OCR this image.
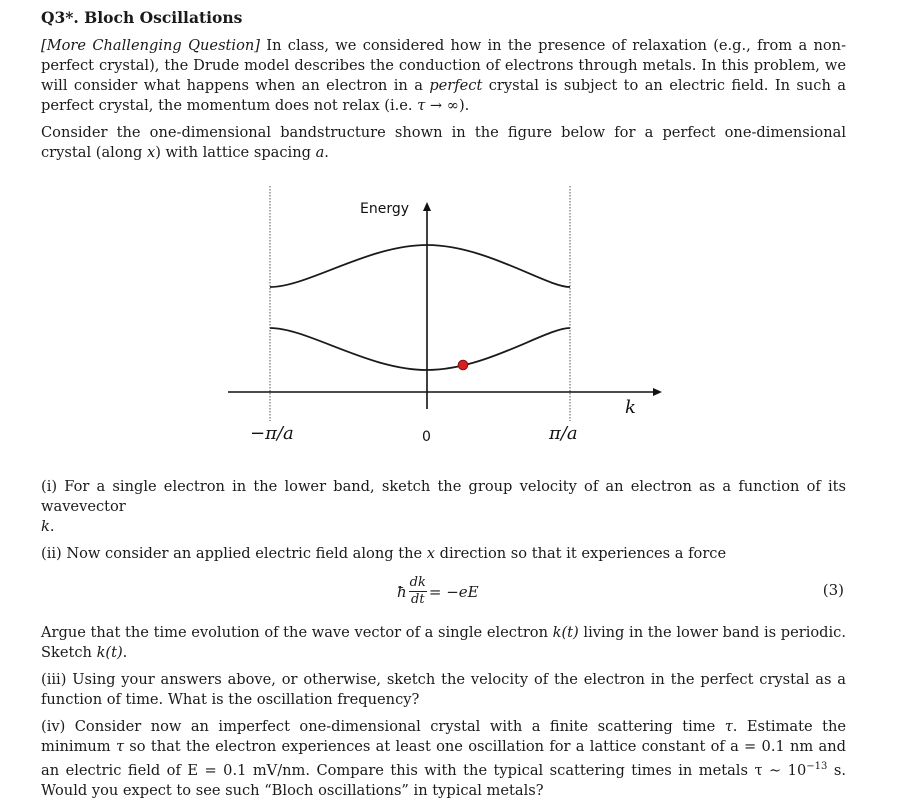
Q3*. Bloch Oscillations

[More Challenging Question] In class, we considered how in the presence of relaxation (e.g., from a non-perfect crystal), the Drude model describes the conduction of electrons through metals. In this problem, we will consider what happens when an electron in a perfect crystal is subject to an electric field. In such a perfect crystal, the momentum does not relax (i.e. τ → ∞).

Consider the one-dimensional bandstructure shown in the figure below for a perfect one-dimensional crystal (along x) with lattice spacing a.

Energy
k
−π/a	0	π/a

(i) For a single electron in the lower band, sketch the group velocity of an electron as a function of its wavevector
k.

(ii) Now consider an applied electric field along the x direction so that it experiences a force

ħ $\frac{dk}{dt} = -eE$	(3)

Argue that the time evolution of the wave vector of a single electron k(t) living in the lower band is periodic. Sketch k(t).

(iii) Using your answers above, or otherwise, sketch the velocity of the electron in the perfect crystal as a function of time. What is the oscillation frequency?

(iv) Consider now an imperfect one-dimensional crystal with a finite scattering time τ. Estimate the minimum τ so that the electron experiences at least one oscillation for a lattice constant of a = 0.1 nm and an electric field of E = 0.1 mV/nm. Compare this with the typical scattering times in metals τ ∼ $10^{-13}$ s. Would you expect to see such “Bloch oscillations” in typical metals?
